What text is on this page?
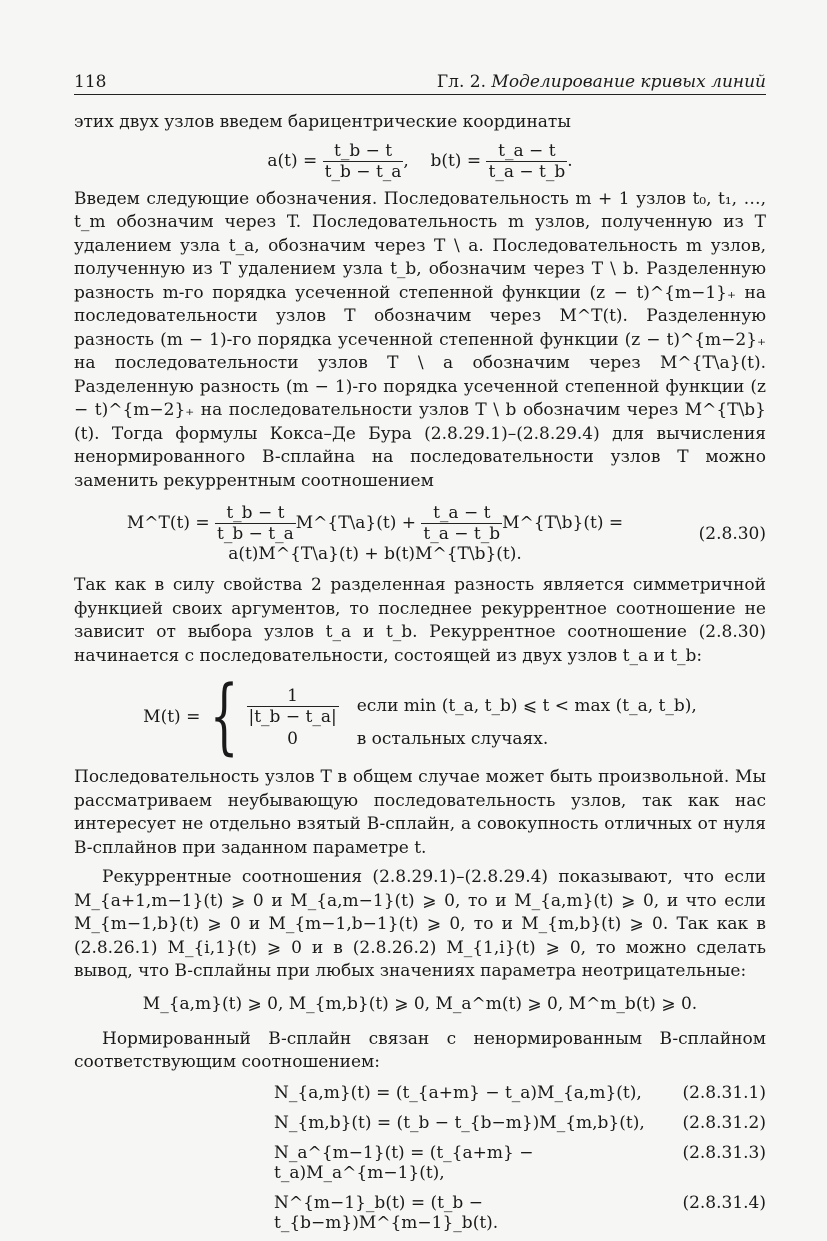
118	Гл. 2. Моделирование кривых линий

этих двух узлов введем барицентрические координаты

$a(t) = \frac{t\_b - t}{t\_b - t\_a}$ ,    $b(t) = \frac{t\_a - t}{t\_a - t\_b}$ .

Введем следующие обозначения. Последовательность m + 1 узлов t₀, t₁, …, t_m обозначим через T. Последовательность m узлов, полученную из T удалением узла t_a, обозначим через T \ a. Последовательность m узлов, полученную из T удалением узла t_b, обозначим через T \ b. Разделенную разность m-го порядка усеченной степенной функции (z − t)^{m−1}₊ на последовательности узлов T обозначим через M^T(t). Разделенную разность (m − 1)-го порядка усеченной степенной функции (z − t)^{m−2}₊ на последовательности узлов T \ a обозначим через M^{T\a}(t). Разделенную разность (m − 1)-го порядка усеченной степенной функции (z − t)^{m−2}₊ на последовательности узлов T \ b обозначим через M^{T\b}(t). Тогда формулы Кокса–Де Бура (2.8.29.1)–(2.8.29.4) для вычисления ненормированного B-сплайна на последовательности узлов T можно заменить рекуррентным соотношением

M^T(t) = $\frac{t\_b - t}{t\_b - t\_a}$ M^{T\a}(t) + $\frac{t\_a - t}{t\_a - t\_b}$ M^{T\b}(t) = a(t)M^{T\a}(t) + b(t)M^{T\b}(t).
(2.8.30)

Так как в силу свойства 2 разделенная разность является симметричной функцией своих аргументов, то последнее рекуррентное соотношение не зависит от выбора узлов t_a и t_b. Рекуррентное соотношение (2.8.30) начинается с последовательности, состоящей из двух узлов t_a и t_b:

M(t) = { $\frac{1}{|t\_b - t\_a|}$ если min (t_a, t_b) ⩽ t < max (t_a, t_b),
0	в остальных случаях.

Последовательность узлов T в общем случае может быть произвольной. Мы рассматриваем неубывающую последовательность узлов, так как нас интересует не отдельно взятый B-сплайн, а совокупность отличных от нуля B-сплайнов при заданном параметре t.

Рекуррентные соотношения (2.8.29.1)–(2.8.29.4) показывают, что если M_{a+1,m−1}(t) ⩾ 0 и M_{a,m−1}(t) ⩾ 0, то и M_{a,m}(t) ⩾ 0, и что если M_{m−1,b}(t) ⩾ 0 и M_{m−1,b−1}(t) ⩾ 0, то и M_{m,b}(t) ⩾ 0. Так как в (2.8.26.1) M_{i,1}(t) ⩾ 0 и в (2.8.26.2) M_{1,i}(t) ⩾ 0, то можно сделать вывод, что B-сплайны при любых значениях параметра неотрицательные:

M_{a,m}(t) ⩾ 0, M_{m,b}(t) ⩾ 0, M_a^m(t) ⩾ 0, M^m_b(t) ⩾ 0.

Нормированный B-сплайн связан с ненормированным B-сплайном соответствующим соотношением:

N_{a,m}(t) = (t_{a+m} − t_a)M_{a,m}(t),	(2.8.31.1)
N_{m,b}(t) = (t_b − t_{b−m})M_{m,b}(t),	(2.8.31.2)
N_a^{m−1}(t) = (t_{a+m} − t_a)M_a^{m−1}(t),
(2.8.31.3)
N^{m−1}_b(t) = (t_b − t_{b−m})M^{m−1}_b(t).
(2.8.31.4)
